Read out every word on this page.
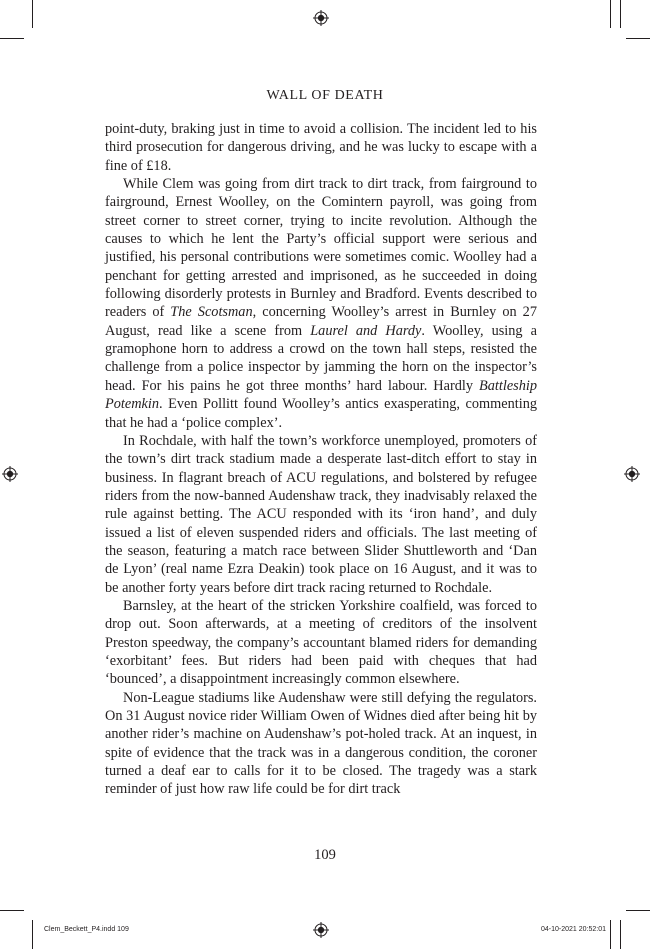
WALL OF DEATH

point-duty, braking just in time to avoid a collision. The incident led to his third prosecution for dangerous driving, and he was lucky to escape with a fine of £18.

While Clem was going from dirt track to dirt track, from fairground to fairground, Ernest Woolley, on the Comintern payroll, was going from street corner to street corner, trying to incite revolution. Although the causes to which he lent the Party’s official support were serious and justified, his personal contributions were sometimes comic. Woolley had a penchant for getting arrested and imprisoned, as he succeeded in doing following disorderly protests in Burnley and Bradford. Events described to readers of The Scotsman, concerning Woolley’s arrest in Burnley on 27 August, read like a scene from Laurel and Hardy. Woolley, using a gramophone horn to address a crowd on the town hall steps, resisted the challenge from a police inspector by jamming the horn on the inspector’s head. For his pains he got three months’ hard labour. Hardly Battleship Potemkin. Even Pollitt found Woolley’s antics exasperating, commenting that he had a ‘police complex’.

In Rochdale, with half the town’s workforce unemployed, promoters of the town’s dirt track stadium made a desperate last-ditch effort to stay in business. In flagrant breach of ACU regulations, and bolstered by refugee riders from the now-banned Audenshaw track, they inadvisably relaxed the rule against betting. The ACU responded with its ‘iron hand’, and duly issued a list of eleven suspended riders and officials. The last meeting of the season, featuring a match race between Slider Shuttleworth and ‘Dan de Lyon’ (real name Ezra Deakin) took place on 16 August, and it was to be another forty years before dirt track racing returned to Rochdale.

Barnsley, at the heart of the stricken Yorkshire coalfield, was forced to drop out. Soon afterwards, at a meeting of creditors of the insolvent Preston speedway, the company’s accountant blamed riders for demanding ‘exorbitant’ fees. But riders had been paid with cheques that had ‘bounced’, a disappointment increasingly common elsewhere.

Non-League stadiums like Audenshaw were still defying the regulators. On 31 August novice rider William Owen of Widnes died after being hit by another rider’s machine on Audenshaw’s pot-holed track. At an inquest, in spite of evidence that the track was in a dangerous condition, the coroner turned a deaf ear to calls for it to be closed. The tragedy was a stark reminder of just how raw life could be for dirt track

109
Clem_Beckett_P4.indd 109	04-10-2021 20:52:01
